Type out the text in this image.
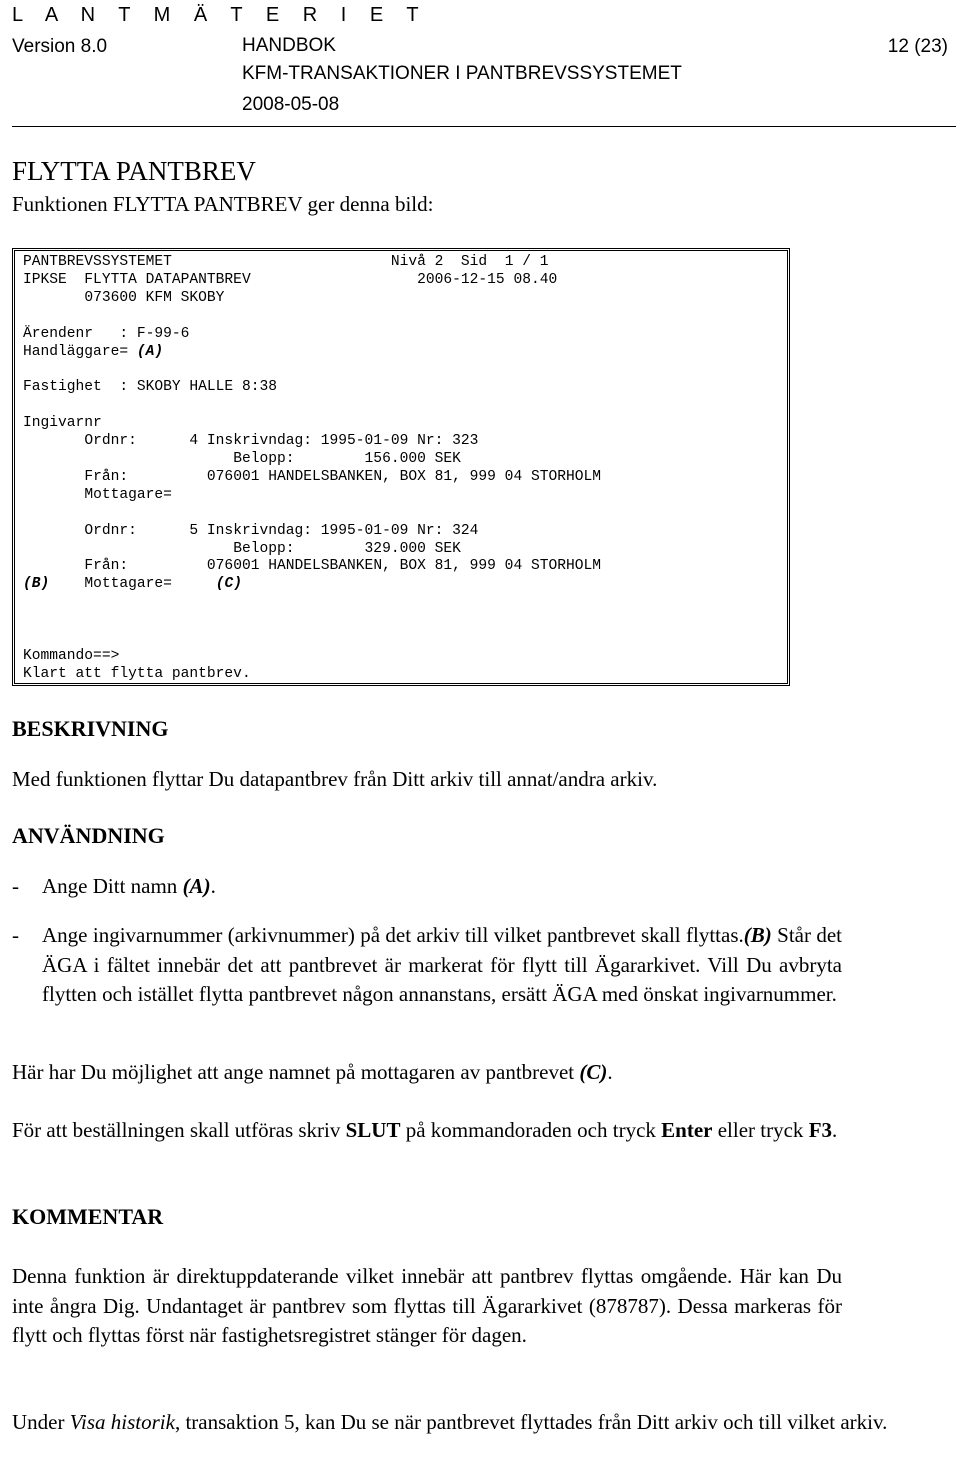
L A N T M Ä T E R I E T
Version 8.0	HANDBOK
KFM-TRANSAKTIONER I PANTBREVSSYSTEMET
2008-05-08
12 (23)
FLYTTA PANTBREV
Funktionen FLYTTA PANTBREV ger denna bild:
PANTBREVSSYSTEMET	Nivå 2 Sid  1 / 1
IPKSE  FLYTTA DATAPANTBREV	2006-12-15 08.40
073600 KFM SKOBY

Ärendenr   : F-99-6
Handläggare= (A)

Fastighet  : SKOBY HALLE 8:38

Ingivarnr
Ordnr:      4 Inskrivndag: 1995-01-09 Nr: 323
Belopp:        156.000 SEK
Från:         076001 HANDELSBANKEN, BOX 81, 999 04 STORHOLM
Mottagare=

Ordnr:      5 Inskrivndag: 1995-01-09 Nr: 324
Belopp:        329.000 SEK
Från:         076001 HANDELSBANKEN, BOX 81, 999 04 STORHOLM
(B) Mottagare=	(C)

Kommando==>
Klart att flytta pantbrev.
BESKRIVNING
Med funktionen flyttar Du datapantbrev från Ditt arkiv till annat/andra arkiv.
ANVÄNDNING
- Ange Ditt namn (A).
- Ange ingivarnummer (arkivnummer) på det arkiv till vilket pantbrevet skall flyttas.(B) Står det ÄGA i fältet innebär det att pantbrevet är markerat för flytt till Ägararkivet. Vill Du avbryta flytten och istället flytta pantbrevet någon annanstans, ersätt ÄGA med önskat ingivarnummer.
Här har Du möjlighet att ange namnet på mottagaren av pantbrevet (C).
För att beställningen skall utföras skriv SLUT på kommandoraden och tryck Enter eller tryck F3.
KOMMENTAR
Denna funktion är direktuppdaterande vilket innebär att pantbrev flyttas omgående. Här kan Du inte ångra Dig. Undantaget är pantbrev som flyttas till Ägararkivet (878787). Dessa markeras för flytt och flyttas först när fastighetsregistret stänger för dagen.
Under Visa historik, transaktion 5, kan Du se när pantbrevet flyttades från Ditt arkiv och till vilket arkiv.
